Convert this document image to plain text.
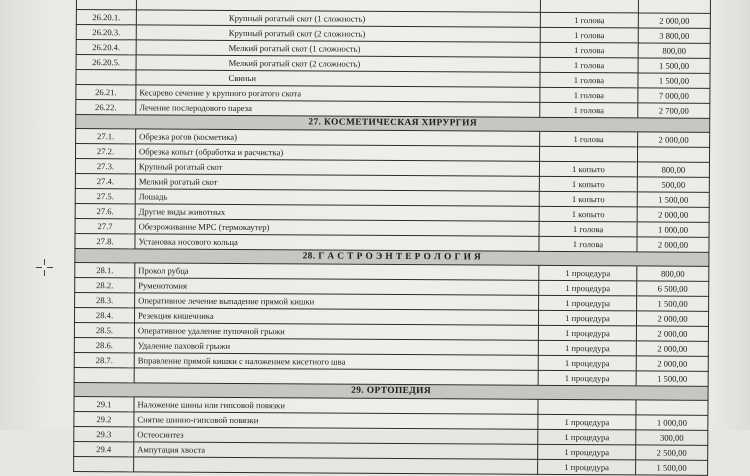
26.20.1.	Крупный рогатый скот (1 сложность)	1 голова	2 000,00
26.20.3.	Крупный рогатый скот (2 сложность)	1 голова	3 800,00
26.20.4.	Мелкий рогатый скот (1 сложность)	1 голова	800,00
26.20.5.	Мелкий рогатый скот (2 сложность)	1 голова	1 500,00
	Свиньи	1 голова	1 500,00
26.21.	Кесарево сечение у крупного рогатого скота	1 голова	7 000,00
26.22.	Лечение послеродового пареза	1 голова	2 700,00
27. КОСМЕТИЧЕСКАЯ ХИРУРГИЯ			
27.1.	Обрезка рогов (косметика)	1 голова	2 000,00
27.2.	Обрезка копыт (обработка и расчистка)		
27.3.	Крупный рогатый скот	1 копыто	800,00
27.4.	Мелкий рогатый скот	1 копыто	500,00
27.5.	Лошадь	1 копыто	1 500,00
27.6.	Другие виды животных	1 копыто	2 000,00
27.7	Обезроживание МРС (термокаутер)	1 голова	1 000,00
27.8.	Установка носового кольца	1 голова	2 000,00
28. Г А С Т Р О Э Н Т Е Р О Л О Г И Я			
28.1.	Прокол рубца	1 процедура	800,00
28.2.	Руменотомия	1 процедура	6 500,00
28.3.	Оперативное лечение выпадение прямой кишки	1 процедура	1 500,00
28.4.	Резекция кишечника	1 процедура	2 000,00
28.5.	Оперативное удаление пупочной грыжи	1 процедура	2 000,00
28.6.	Удаление паховой грыжи	1 процедура	2 000,00
28.7.	Вправление прямой кишки с наложением кисетного шва	1 процедура	2 000,00
		1 процедура	1 500,00
29. ОРТОПЕДИЯ			
29.1	Наложение шины или гипсовой повязки		
29.2	Снятие шинно-гипсовой повязки	1 процедура	1 000,00
29.3	Остеосинтез	1 процедура	300,00
29.4	Ампутация хвоста	1 процедура	2 500,00
		1 процедура	1 500,00
